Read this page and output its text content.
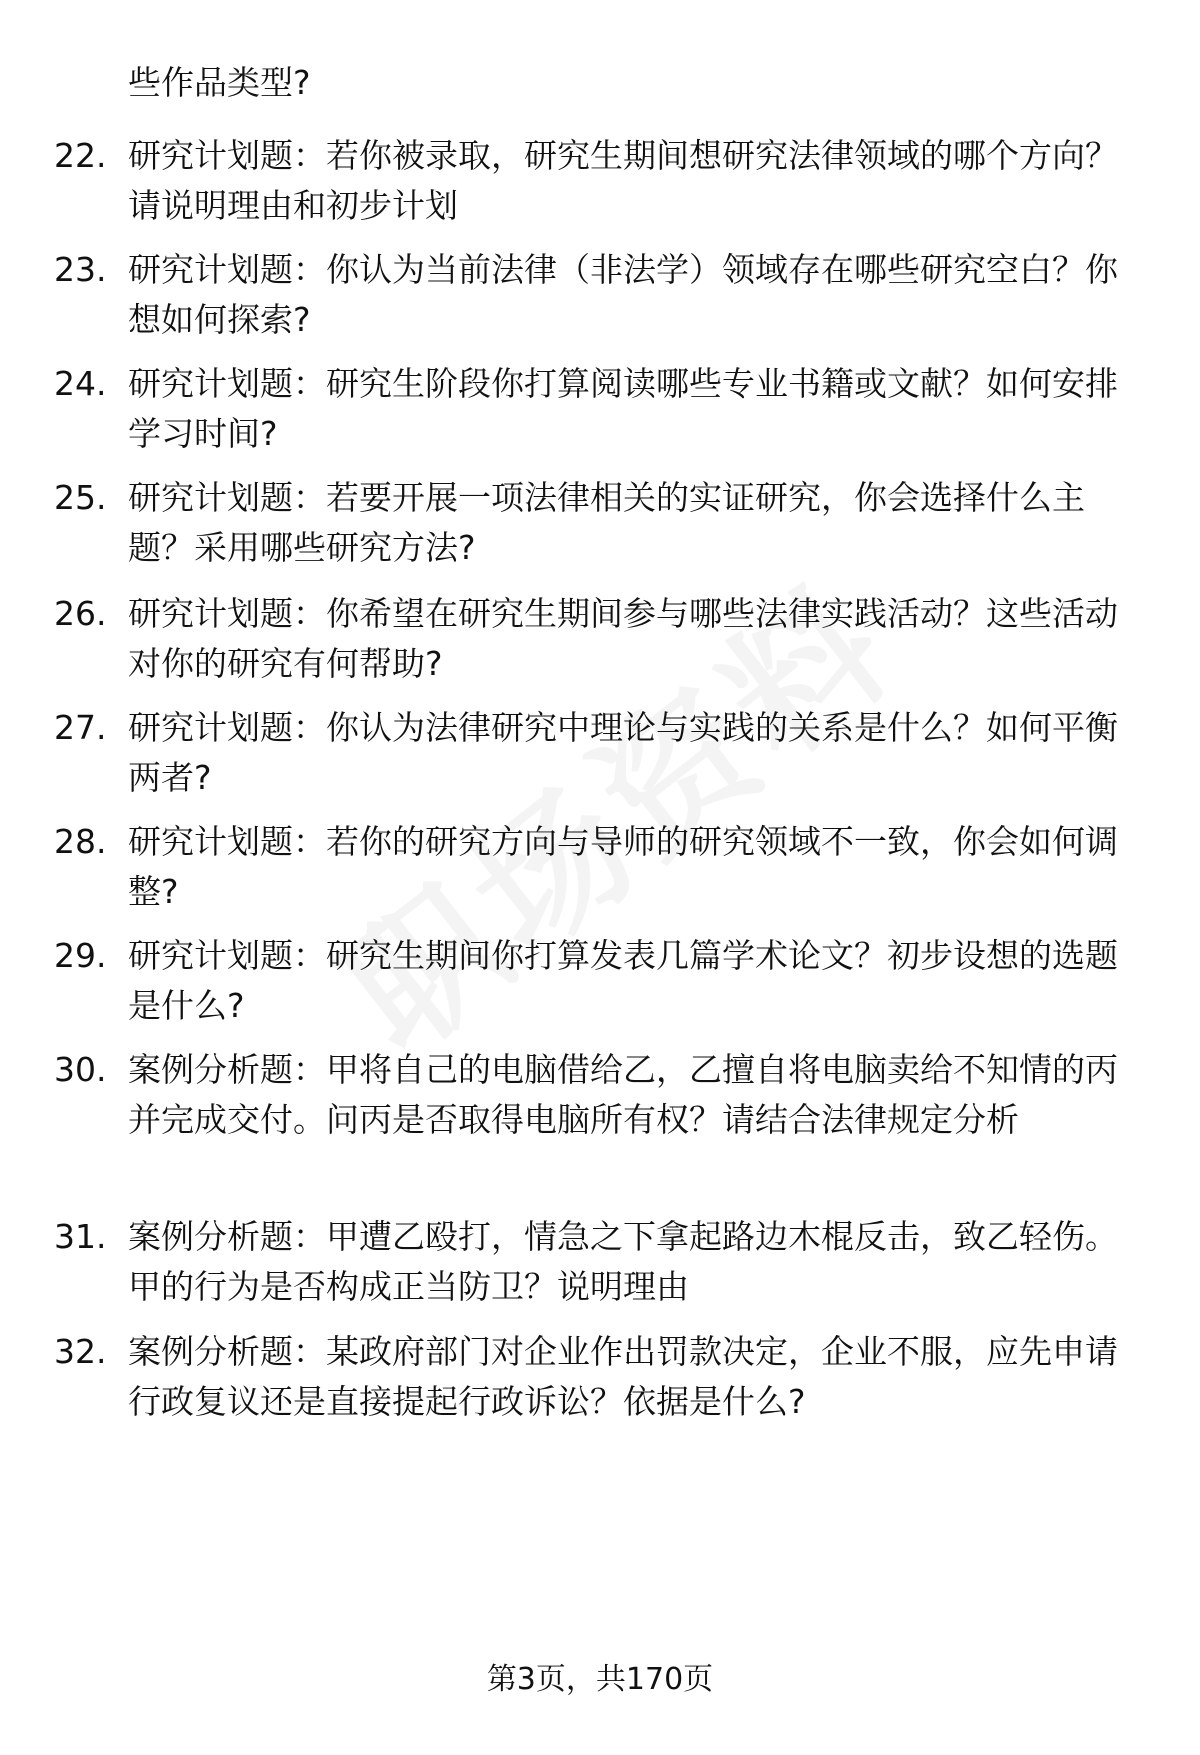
些作品类型?
22. 研究计划题：若你被录取，研究生期间想研究法律领域的哪个方向？请说明理由和初步计划
23. 研究计划题：你认为当前法律（非法学）领域存在哪些研究空白？你想如何探索?
24. 研究计划题：研究生阶段你打算阅读哪些专业书籍或文献？如何安排学习时间?
25. 研究计划题：若要开展一项法律相关的实证研究，你会选择什么主题？采用哪些研究方法?
26. 研究计划题：你希望在研究生期间参与哪些法律实践活动？这些活动对你的研究有何帮助?
27. 研究计划题：你认为法律研究中理论与实践的关系是什么？如何平衡两者?
28. 研究计划题：若你的研究方向与导师的研究领域不一致，你会如何调整?
29. 研究计划题：研究生期间你打算发表几篇学术论文？初步设想的选题是什么?
30. 案例分析题：甲将自己的电脑借给乙，乙擅自将电脑卖给不知情的丙并完成交付。问丙是否取得电脑所有权？请结合法律规定分析
31. 案例分析题：甲遭乙殴打，情急之下拿起路边木棍反击，致乙轻伤。甲的行为是否构成正当防卫？说明理由
32. 案例分析题：某政府部门对企业作出罚款决定，企业不服，应先申请行政复议还是直接提起行政诉讼？依据是什么?
第3页，共170页
